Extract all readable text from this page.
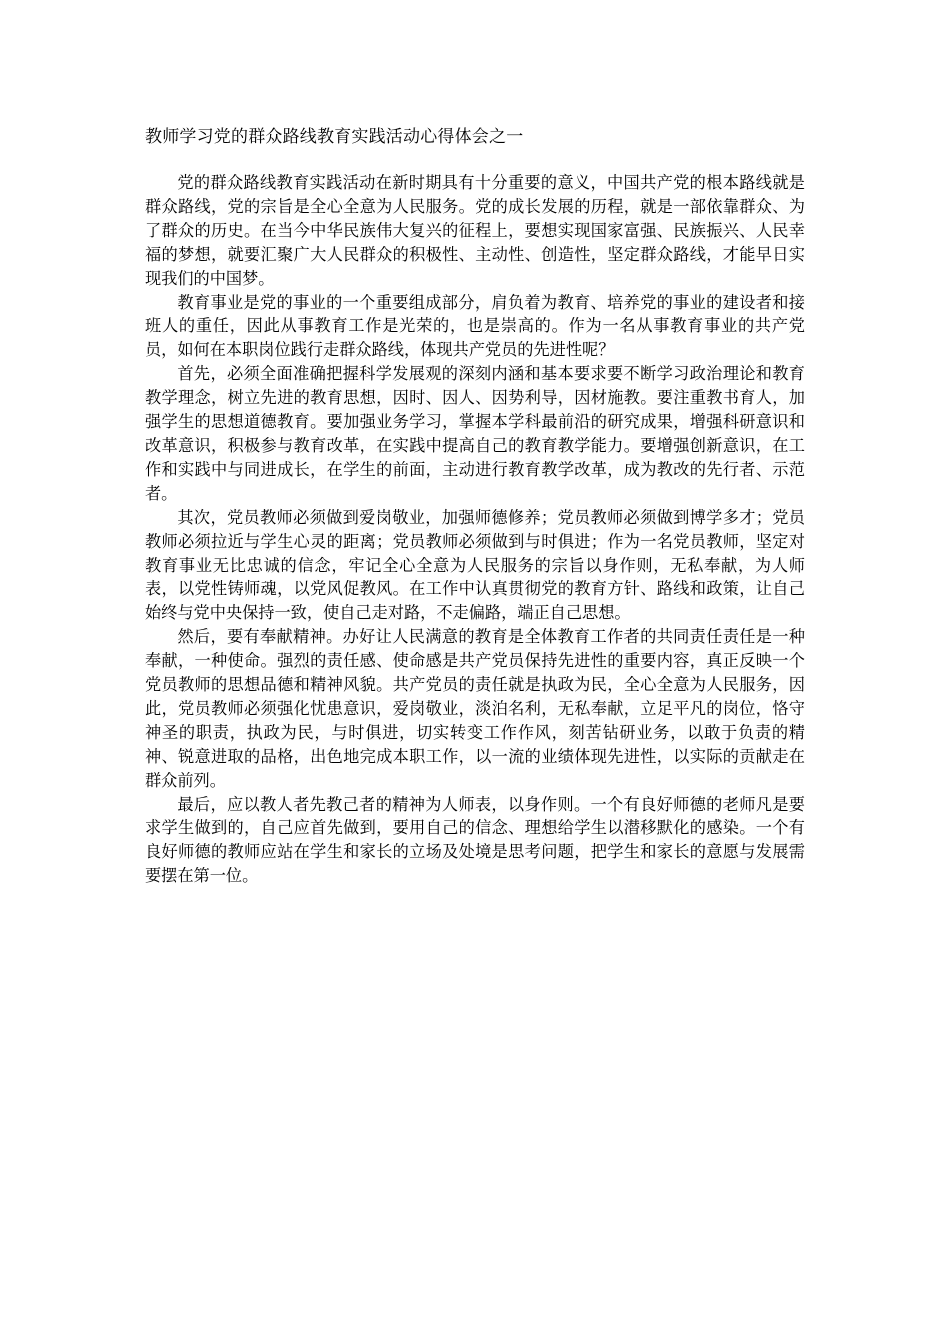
教师学习党的群众路线教育实践活动心得体会之一

党的群众路线教育实践活动在新时期具有十分重要的意义，中国共产党的根本路线就是群众路线，党的宗旨是全心全意为人民服务。党的成长发展的历程，就是一部依靠群众、为了群众的历史。在当今中华民族伟大复兴的征程上，要想实现国家富强、民族振兴、人民幸福的梦想，就要汇聚广大人民群众的积极性、主动性、创造性，坚定群众路线，才能早日实现我们的中国梦。

教育事业是党的事业的一个重要组成部分，肩负着为教育、培养党的事业的建设者和接班人的重任，因此从事教育工作是光荣的，也是崇高的。作为一名从事教育事业的共产党员，如何在本职岗位践行走群众路线，体现共产党员的先进性呢？

首先，必须全面准确把握科学发展观的深刻内涵和基本要求要不断学习政治理论和教育教学理念，树立先进的教育思想，因时、因人、因势利导，因材施教。要注重教书育人，加强学生的思想道德教育。要加强业务学习，掌握本学科最前沿的研究成果，增强科研意识和改革意识，积极参与教育改革，在实践中提高自己的教育教学能力。要增强创新意识，在工作和实践中与同进成长，在学生的前面，主动进行教育教学改革，成为教改的先行者、示范者。

其次，党员教师必须做到爱岗敬业，加强师德修养；党员教师必须做到博学多才；党员教师必须拉近与学生心灵的距离；党员教师必须做到与时俱进；作为一名党员教师，坚定对教育事业无比忠诚的信念，牢记全心全意为人民服务的宗旨以身作则，无私奉献，为人师表，以党性铸师魂，以党风促教风。在工作中认真贯彻党的教育方针、路线和政策，让自己始终与党中央保持一致，使自己走对路，不走偏路，端正自己思想。

然后，要有奉献精神。办好让人民满意的教育是全体教育工作者的共同责任责任是一种奉献，一种使命。强烈的责任感、使命感是共产党员保持先进性的重要内容，真正反映一个党员教师的思想品德和精神风貌。共产党员的责任就是执政为民，全心全意为人民服务，因此，党员教师必须强化忧患意识，爱岗敬业，淡泊名利，无私奉献，立足平凡的岗位，恪守神圣的职责，执政为民，与时俱进，切实转变工作作风，刻苦钻研业务，以敢于负责的精神、锐意进取的品格，出色地完成本职工作，以一流的业绩体现先进性，以实际的贡献走在群众前列。

最后，应以教人者先教己者的精神为人师表，以身作则。一个有良好师德的老师凡是要求学生做到的，自己应首先做到，要用自己的信念、理想给学生以潜移默化的感染。一个有良好师德的教师应站在学生和家长的立场及处境是思考问题，把学生和家长的意愿与发展需要摆在第一位。
